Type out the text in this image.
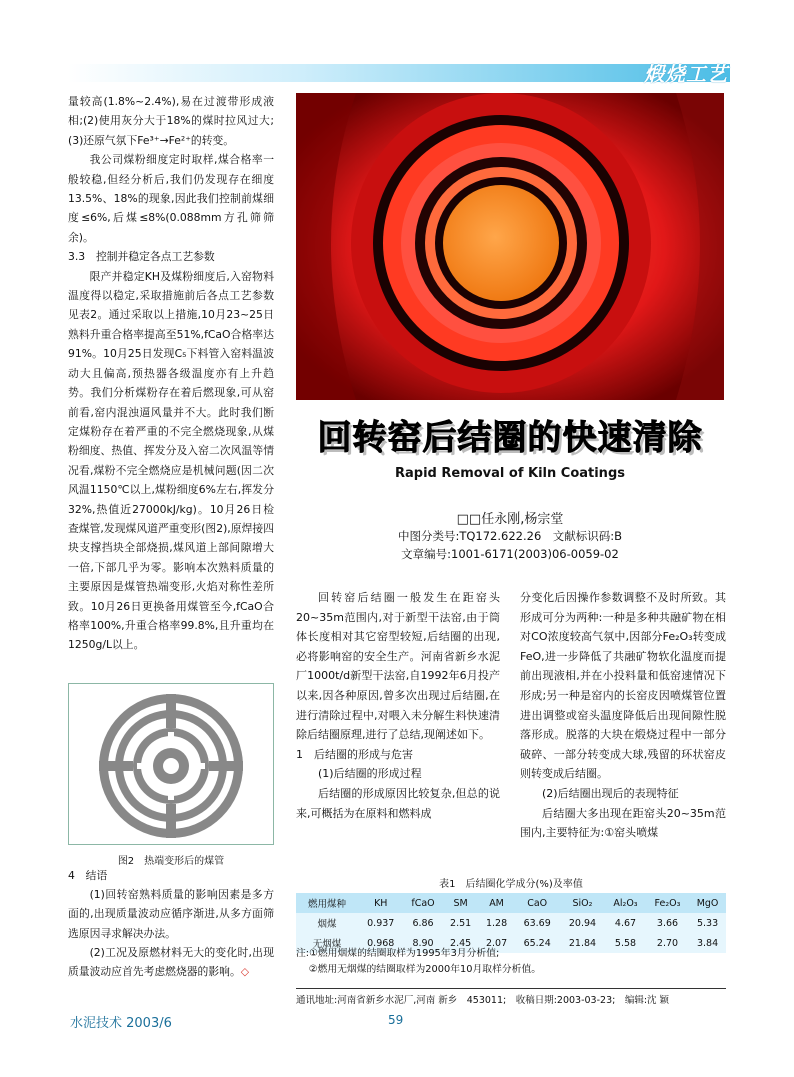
煅烧工艺

量较高(1.8%~2.4%),易在过渡带形成液相;(2)使用灰分大于18%的煤时拉风过大;(3)还原气氛下Fe³⁺→Fe²⁺的转变。

我公司煤粉细度定时取样,煤合格率一般较稳,但经分析后,我们仍发现存在细度13.5%、18%的现象,因此我们控制前煤细度≤6%,后煤≤8%(0.088mm方孔筛筛余)。

3.3　控制并稳定各点工艺参数

限产并稳定KH及煤粉细度后,入窑物料温度得以稳定,采取措施前后各点工艺参数见表2。通过采取以上措施,10月23~25日熟料升重合格率提高至51%,fCaO合格率达91%。10月25日发现C₅下料管入窑料温波动大且偏高,预热器各级温度亦有上升趋势。我们分析煤粉存在着后燃现象,可从窑前看,窑内混浊逼风量并不大。此时我们断定煤粉存在着严重的不完全燃烧现象,从煤粉细度、热值、挥发分及入窑二次风温等情况看,煤粉不完全燃烧应是机械问题(因二次风温1150℃以上,煤粉细度6%左右,挥发分32%,热值近27000kJ/kg)。10月26日检查煤管,发现煤风道严重变形(图2),原焊接四块支撑挡块全部烧损,煤风道上部间隙增大一倍,下部几乎为零。影响本次熟料质量的主要原因是煤管热端变形,火焰对称性差所致。10月26日更换备用煤管至今,fCaO合格率100%,升重合格率99.8%,且升重均在1250g/L以上。

图2　热端变形后的煤管

4　结语

(1)回转窑熟料质量的影响因素是多方面的,出现质量波动应循序渐进,从多方面筛选原因寻求解决办法。

(2)工况及原燃材料无大的变化时,出现质量波动应首先考虑燃烧器的影响。◇

回转窑后结圈的快速清除
Rapid Removal of Kiln Coatings
□□任永刚,杨宗堂
中图分类号:TQ172.622.26　文献标识码:B
文章编号:1001-6171(2003)06-0059-02

回转窑后结圈一般发生在距窑头20~35m范围内,对于新型干法窑,由于筒体长度相对其它窑型较短,后结圈的出现,必将影响窑的安全生产。河南省新乡水泥厂1000t/d新型干法窑,自1992年6月投产以来,因各种原因,曾多次出现过后结圈,在进行清除过程中,对喂入未分解生料快速清除后结圈原理,进行了总结,现阐述如下。

1　后结圈的形成与危害

(1)后结圈的形成过程

后结圈的形成原因比较复杂,但总的说来,可概括为在原料和燃料成

分变化后因操作参数调整不及时所致。其形成可分为两种:一种是多种共融矿物在相对CO浓度较高气氛中,因部分Fe₂O₃转变成FeO,进一步降低了共融矿物软化温度而提前出现液相,并在小投料量和低窑速情况下形成;另一种是窑内的长窑皮因喷煤管位置进出调整或窑头温度降低后出现间隙性脱落形成。脱落的大块在煅烧过程中一部分破碎、一部分转变成大球,残留的环状窑皮则转变成后结圈。

(2)后结圈出现后的表现特征

后结圈大多出现在距窑头20~35m范围内,主要特征为:①窑头喷煤

表1　后结圈化学成分(%)及率值
燃用煤种	KH	fCaO	SM	AM	CaO	SiO₂	Al₂O₃	Fe₂O₃	MgO
烟煤	0.937	6.86	2.51	1.28	63.69	20.94	4.67	3.66	5.33
无烟煤	0.968	8.90	2.45	2.07	65.24	21.84	5.58	2.70	3.84

注:①燃用烟煤的结圈取样为1995年3月分析值;

②燃用无烟煤的结圈取样为2000年10月取样分析值。

通讯地址:河南省新乡水泥厂,河南 新乡　453011;　收稿日期:2003-03-23;　编辑:沈 颖
水泥技术 2003/6	59
